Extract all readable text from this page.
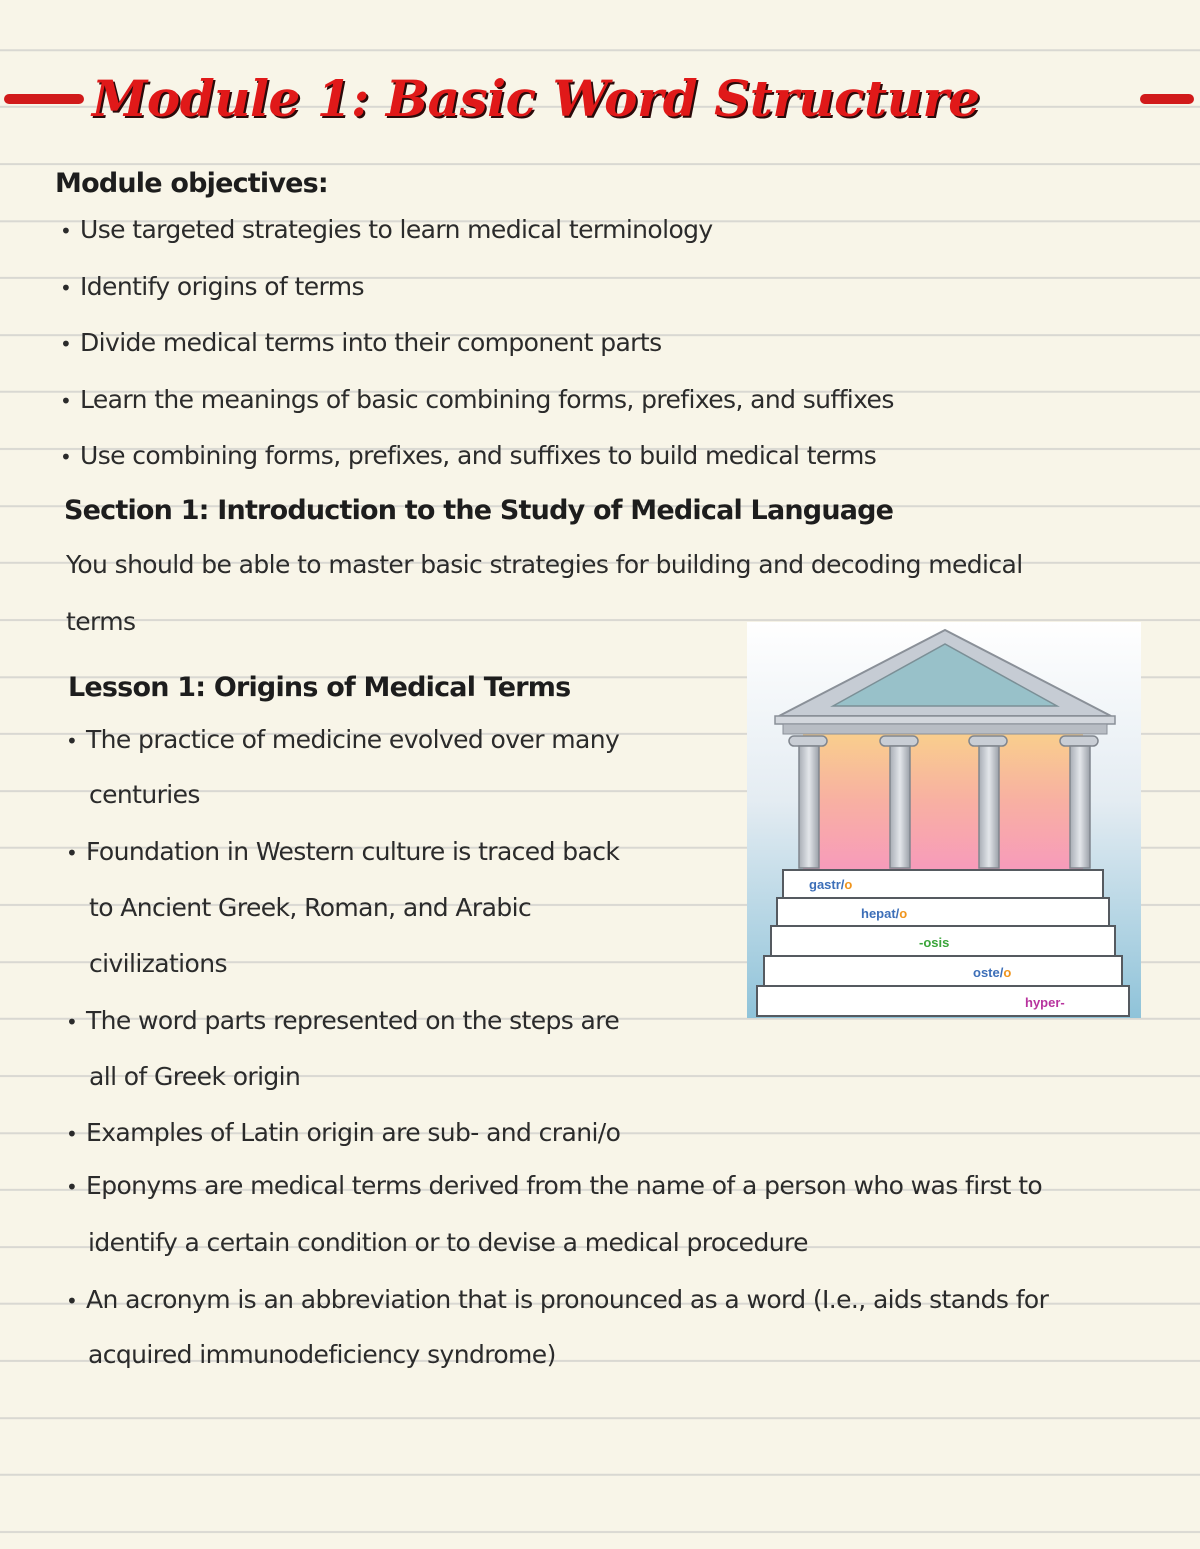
Module 1: Basic Word Structure
Module objectives:
• Use targeted strategies to learn medical terminology
• Identify origins of terms
• Divide medical terms into their component parts
• Learn the meanings of basic combining forms, prefixes, and suffixes
• Use combining forms, prefixes, and suffixes to build medical terms
Section 1: Introduction to the Study of Medical Language
You should be able to master basic strategies for building and decoding medical
terms
Lesson 1: Origins of Medical Terms
• The practice of medicine evolved over many
centuries
• Foundation in Western culture is traced back
to Ancient Greek, Roman, and Arabic
civilizations
• The word parts represented on the steps are
all of Greek origin
• Examples of Latin origin are sub- and crani/o
• Eponyms are medical terms derived from the name of a person who was first to
identify a certain condition or to devise a medical procedure
• An acronym is an abbreviation that is pronounced as a word (I.e., aids stands for
acquired immunodeficiency syndrome)
gastr/o
hepat/o
-osis
oste/o
hyper-
